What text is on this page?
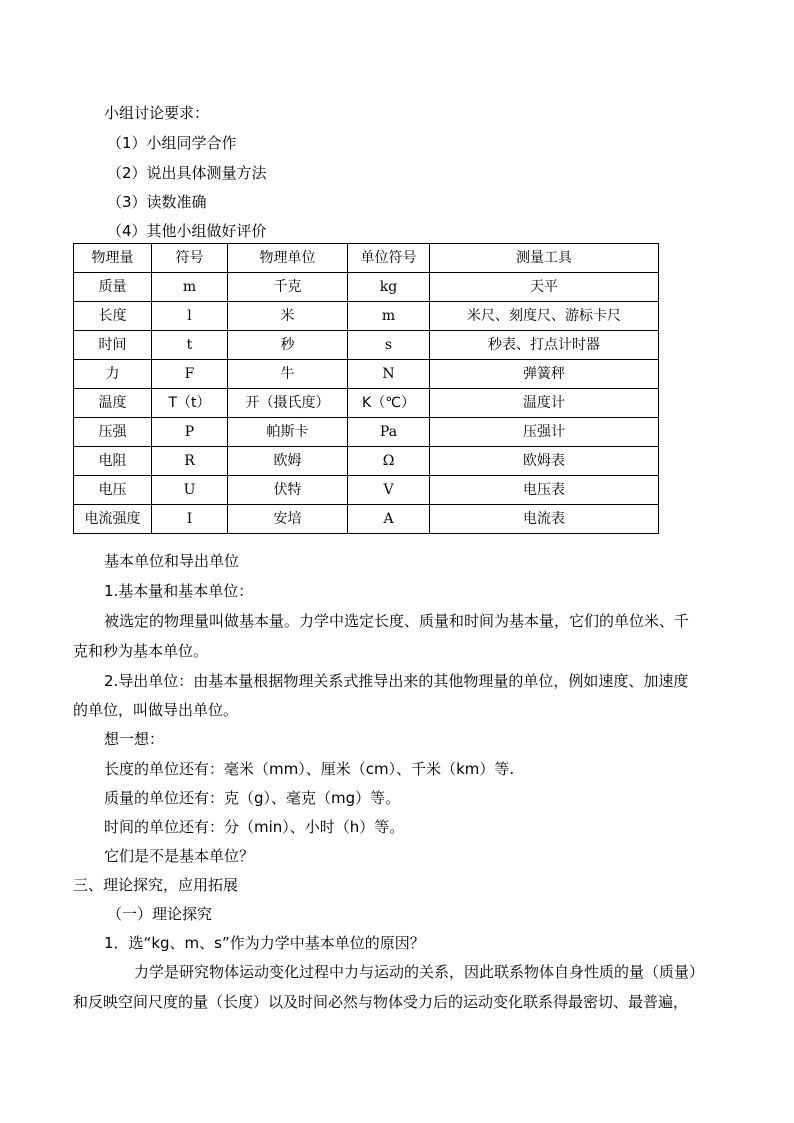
小组讨论要求：
（1）小组同学合作
（2）说出具体测量方法
（3）读数准确
（4）其他小组做好评价
物理量	符号	物理单位	单位符号	测量工具
质量	m	千克	kg	天平
长度	l	米	m	米尺、刻度尺、游标卡尺
时间	t	秒	s	秒表、打点计时器
力	F	牛	N	弹簧秤
温度	T（t）	开（摄氏度）	K（℃）	温度计
压强	P	帕斯卡	Pa	压强计
电阻	R	欧姆	Ω	欧姆表
电压	U	伏特	V	电压表
电流强度	I	安培	A	电流表
基本单位和导出单位
1.基本量和基本单位：
被选定的物理量叫做基本量。力学中选定长度、质量和时间为基本量，它们的单位米、千
克和秒为基本单位。
2.导出单位：由基本量根据物理关系式推导出来的其他物理量的单位，例如速度、加速度
的单位，叫做导出单位。
想一想：
长度的单位还有：毫米（mm）、厘米（cm）、千米（km）等.
质量的单位还有：克（g）、毫克（mg）等。
时间的单位还有：分（min）、小时（h）等。
它们是不是基本单位？
三、理论探究，应用拓展
（一）理论探究
1．选“kg、m、s”作为力学中基本单位的原因？
力学是研究物体运动变化过程中力与运动的关系，因此联系物体自身性质的量（质量）
和反映空间尺度的量（长度）以及时间必然与物体受力后的运动变化联系得最密切、最普遍，
